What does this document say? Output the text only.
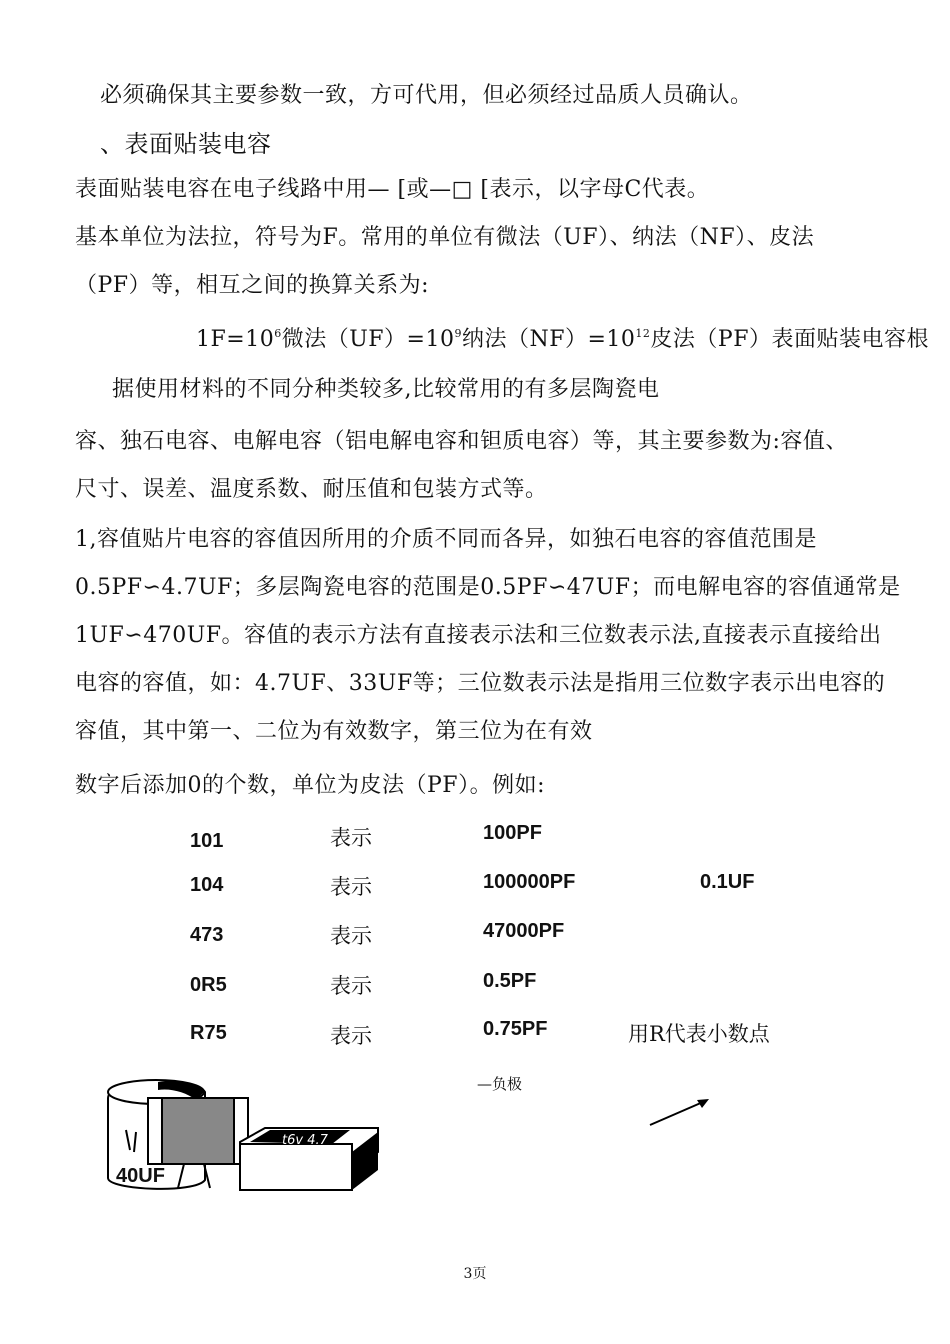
必须确保其主要参数一致，方可代用，但必须经过品质人员确认。
、表面贴装电容
表面贴装电容在电子线路中用— [或—□ [表示，以字母C代表。
基本单位为法拉，符号为F。常用的单位有微法（UF）、纳法（NF）、皮法
（PF）等，相互之间的换算关系为:
$1F=10^6$微法$(UF)=10^9$纳法$(NF)=10^{12}$皮法（PF）表面贴装电容根
据使用材料的不同分种类较多,比较常用的有多层陶瓷电
容、独石电容、电解电容（铝电解电容和钽质电容）等，其主要参数为:容值、
尺寸、误差、温度系数、耐压值和包装方式等。
1,容值贴片电容的容值因所用的介质不同而各异，如独石电容的容值范围是
0.5PF∽4.7UF；多层陶瓷电容的范围是0.5PF∽47UF；而电解电容的容值通常是
1UF∽470UF。容值的表示方法有直接表示法和三位数表示法,直接表示直接给出
电容的容值，如：4.7UF、33UF等；三位数表示法是指用三位数字表示出电容的
容值，其中第一、二位为有效数字，第三位为在有效
数字后添加0的个数，单位为皮法（PF）。例如:
101	表示	100PF
104	表示	100000PF	0.1UF
473	表示	47000PF
0R5	表示	0.5PF
R75	表示	0.75PF	用R代表小数点
—负极
t6v 4.7
40UF
3页
